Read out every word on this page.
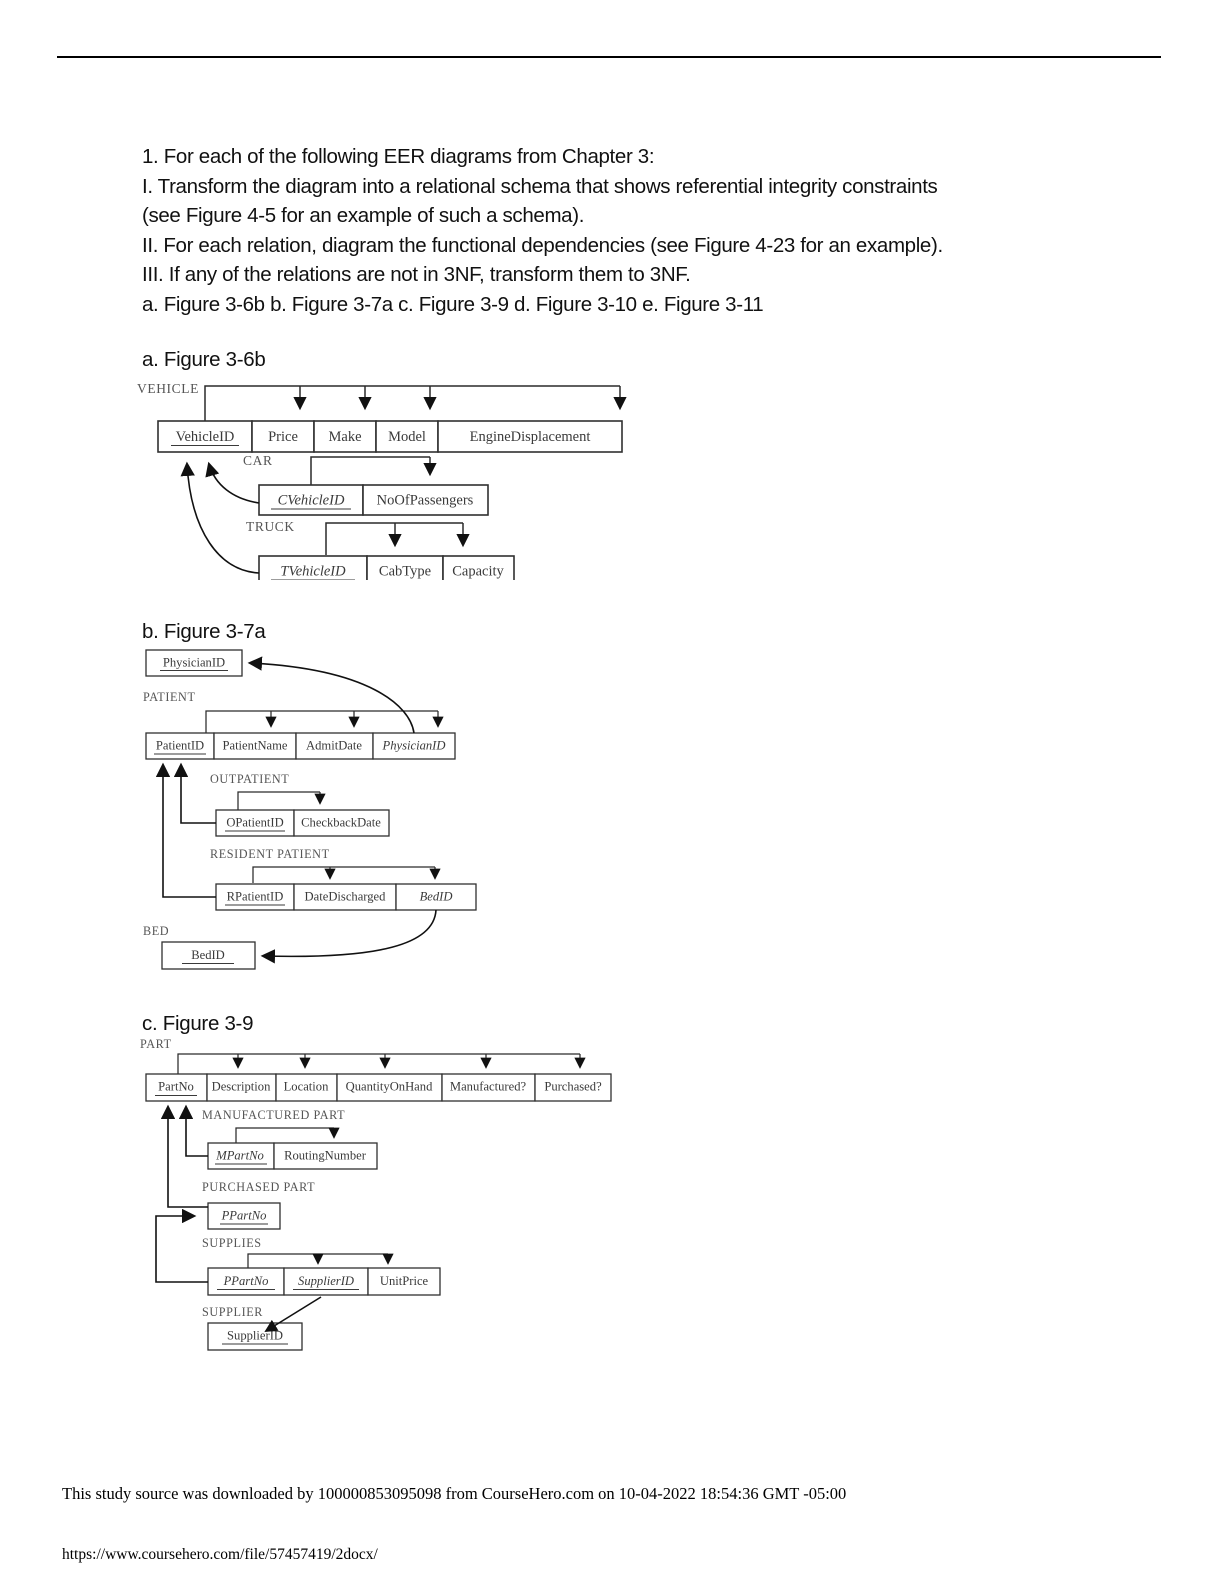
1. For each of the following EER diagrams from Chapter 3:
I. Transform the diagram into a relational schema that shows referential integrity constraints
(see Figure 4-5 for an example of such a schema).
II. For each relation, diagram the functional dependencies (see Figure 4-23 for an example).
III. If any of the relations are not in 3NF, transform them to 3NF.
a. Figure 3-6b b. Figure 3-7a c. Figure 3-9 d. Figure 3-10 e. Figure 3-11
a. Figure 3-6b
VEHICLE
VehicleID Price Make Model	EngineDisplacement
CAR
CVehicleID NoOfPassengers
TRUCK
TVehicleID CabType Capacity
b. Figure 3-7a
PhysicianID
PATIENT
PatientID PatientName AdmitDate PhysicianID
OUTPATIENT
OPatientID CheckbackDate
RESIDENT PATIENT
RPatientID DateDischarged	BedID
BED
BedID
c. Figure 3-9
PART
PartNo Description Location QuantityOnHand Manufactured? Purchased?
MANUFACTURED PART
MPartNo RoutingNumber
PURCHASED PART
PPartNo
SUPPLIES
PPartNo SupplierID UnitPrice
SUPPLIER
SupplierID
This study source was downloaded by 100000853095098 from CourseHero.com on 10-04-2022 18:54:36 GMT -05:00
https://www.coursehero.com/file/57457419/2docx/
